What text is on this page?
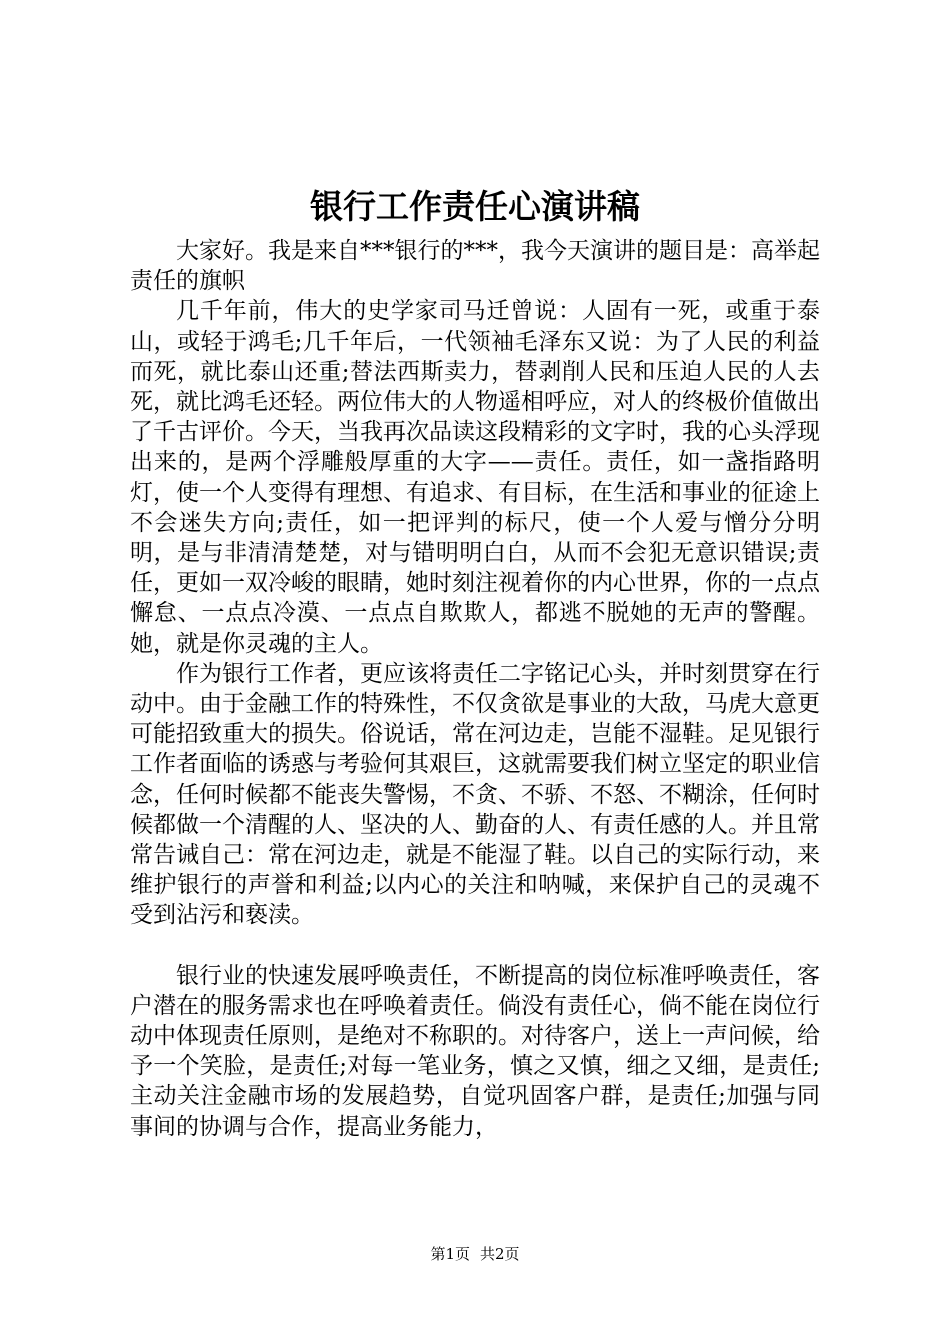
银行工作责任心演讲稿

大家好。我是来自***银行的***，我今天演讲的题目是：高举起责任的旗帜

几千年前，伟大的史学家司马迁曾说：人固有一死，或重于泰山，或轻于鸿毛;几千年后，一代领袖毛泽东又说：为了人民的利益而死，就比泰山还重;替法西斯卖力，替剥削人民和压迫人民的人去死，就比鸿毛还轻。两位伟大的人物遥相呼应，对人的终极价值做出了千古评价。今天，当我再次品读这段精彩的文字时，我的心头浮现出来的，是两个浮雕般厚重的大字——责任。责任，如一盏指路明灯，使一个人变得有理想、有追求、有目标，在生活和事业的征途上不会迷失方向;责任，如一把评判的标尺，使一个人爱与憎分分明明，是与非清清楚楚，对与错明明白白，从而不会犯无意识错误;责任，更如一双冷峻的眼睛，她时刻注视着你的内心世界，你的一点点懈怠、一点点冷漠、一点点自欺欺人，都逃不脱她的无声的警醒。她，就是你灵魂的主人。

作为银行工作者，更应该将责任二字铭记心头，并时刻贯穿在行动中。由于金融工作的特殊性，不仅贪欲是事业的大敌，马虎大意更可能招致重大的损失。俗说话，常在河边走，岂能不湿鞋。足见银行工作者面临的诱惑与考验何其艰巨，这就需要我们树立坚定的职业信念，任何时候都不能丧失警惕，不贪、不骄、不怒、不糊涂，任何时候都做一个清醒的人、坚决的人、勤奋的人、有责任感的人。并且常常告诫自己：常在河边走，就是不能湿了鞋。以自己的实际行动，来维护银行的声誉和利益;以内心的关注和呐喊，来保护自己的灵魂不受到沾污和亵渎。

银行业的快速发展呼唤责任，不断提高的岗位标准呼唤责任，客户潜在的服务需求也在呼唤着责任。倘没有责任心，倘不能在岗位行动中体现责任原则，是绝对不称职的。对待客户，送上一声问候，给予一个笑脸，是责任;对每一笔业务，慎之又慎，细之又细，是责任;主动关注金融市场的发展趋势，自觉巩固客户群，是责任;加强与同事间的协调与合作，提高业务能力，

第1页 共2页
